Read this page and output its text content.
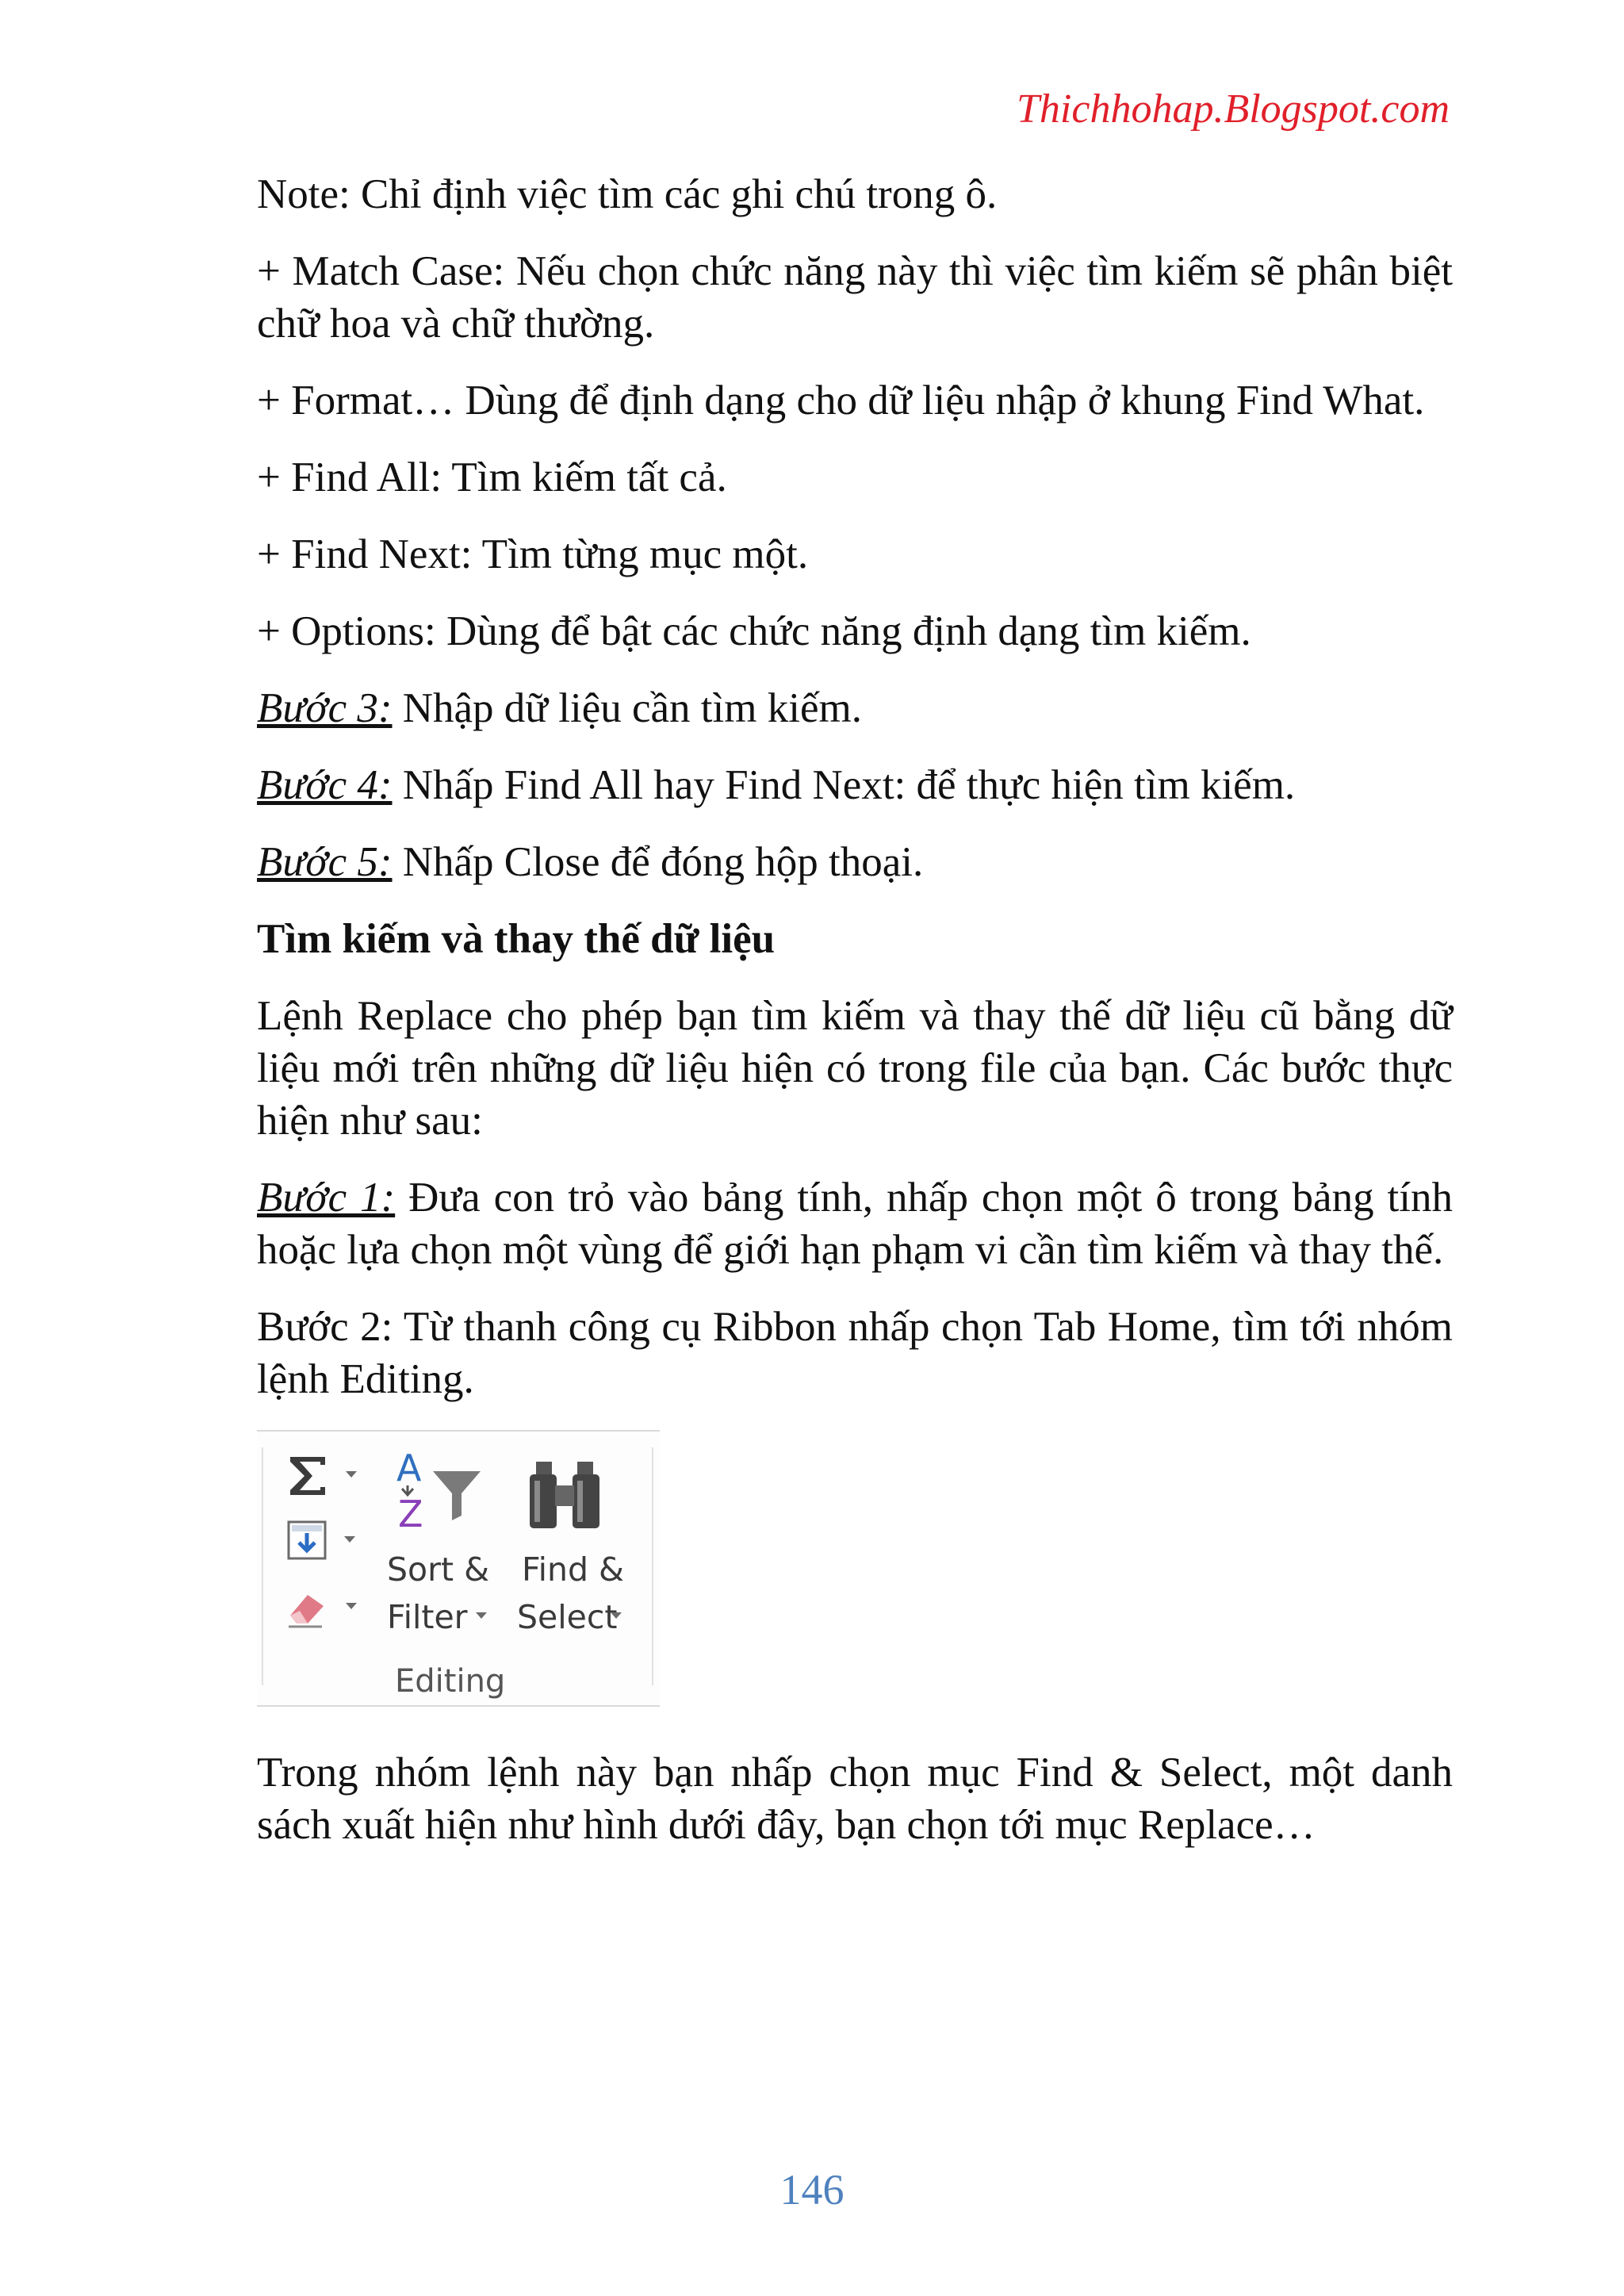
Thichhohap.Blogspot.com

Note: Chỉ định việc tìm các ghi chú trong ô.

+ Match Case: Nếu chọn chức năng này thì việc tìm kiếm sẽ phân biệt chữ hoa và chữ thường.

+ Format… Dùng để định dạng cho dữ liệu nhập ở khung Find What.

+ Find All: Tìm kiếm tất cả.

+ Find Next: Tìm từng mục một.

+ Options: Dùng để bật các chức năng định dạng tìm kiếm.

Bước 3: Nhập dữ liệu cần tìm kiếm.

Bước 4: Nhấp Find All hay Find Next: để thực hiện tìm kiếm.

Bước 5: Nhấp Close để đóng hộp thoại.

Tìm kiếm và thay thế dữ liệu

Lệnh Replace cho phép bạn tìm kiếm và thay thế dữ liệu cũ bằng dữ liệu mới trên những dữ liệu hiện có trong file của bạn. Các bước thực hiện như sau:

Bước 1: Đưa con trỏ vào bảng tính, nhấp chọn một ô trong bảng tính hoặc lựa chọn một vùng để giới hạn phạm vi cần tìm kiếm và thay thế.

Bước 2: Từ thanh công cụ Ribbon nhấp chọn Tab Home, tìm tới nhóm lệnh Editing.

A
Z
Sort &
Filter
Find &
Select
Editing

Trong nhóm lệnh này bạn nhấp chọn mục Find & Select, một danh sách xuất hiện như hình dưới đây, bạn chọn tới mục Replace…

146
